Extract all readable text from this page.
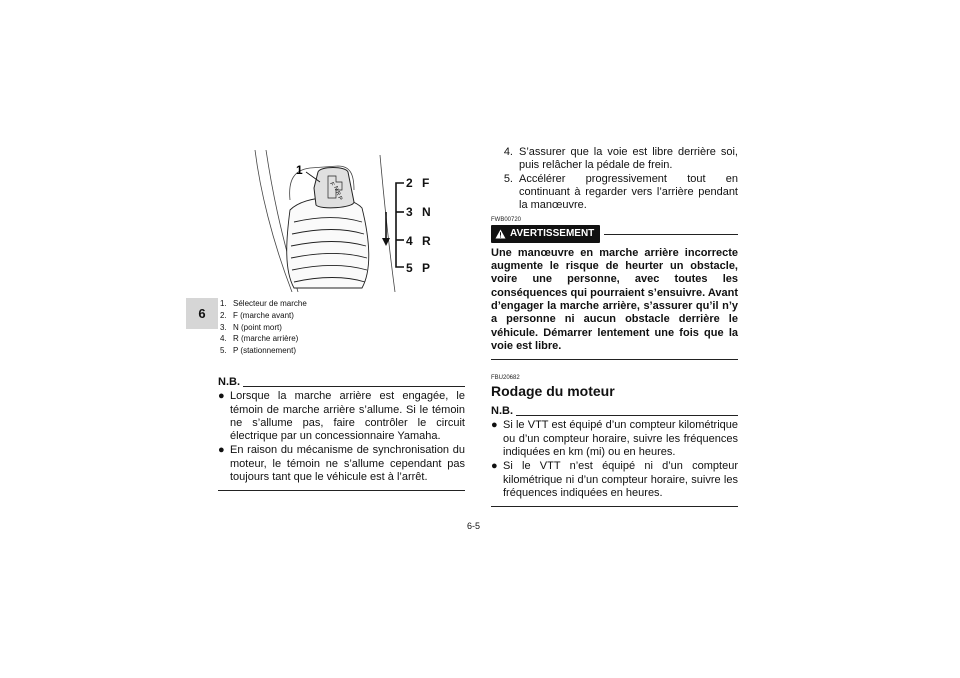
6
F
N
R
P
1
2 F
3 N
4 R
5 P
1. Sélecteur de marche
2. F (marche avant)
3. N (point mort)
4. R (marche arrière)
5. P (stationnement)
N.B.
● Lorsque la marche arrière est engagée, le témoin de marche arrière s’allume. Si le témoin ne s’allume pas, faire contrôler le circuit électrique par un concessionnaire Yamaha.
● En raison du mécanisme de synchronisation du moteur, le témoin ne s’allume cependant pas toujours tant que le véhicule est à l’arrêt.
4. S’assurer que la voie est libre derrière soi, puis relâcher la pédale de frein.
5. Accélérer progressivement tout en continuant à regarder vers l’arrière pendant la manœuvre.
FWB00720
AVERTISSEMENT
Une manœuvre en marche arrière incorrecte augmente le risque de heurter un obstacle, voire une personne, avec toutes les conséquences qui pourraient s’ensuivre. Avant d’engager la marche arrière, s’assurer qu’il n’y a personne ni aucun obstacle derrière le véhicule. Démarrer lentement une fois que la voie est libre.
FBU20682
Rodage du moteur
N.B.
● Si le VTT est équipé d’un compteur kilométrique ou d’un compteur horaire, suivre les fréquences indiquées en km (mi) ou en heures.
● Si le VTT n’est équipé ni d’un compteur kilométrique ni d’un compteur horaire, suivre les fréquences indiquées en heures.
6-5
